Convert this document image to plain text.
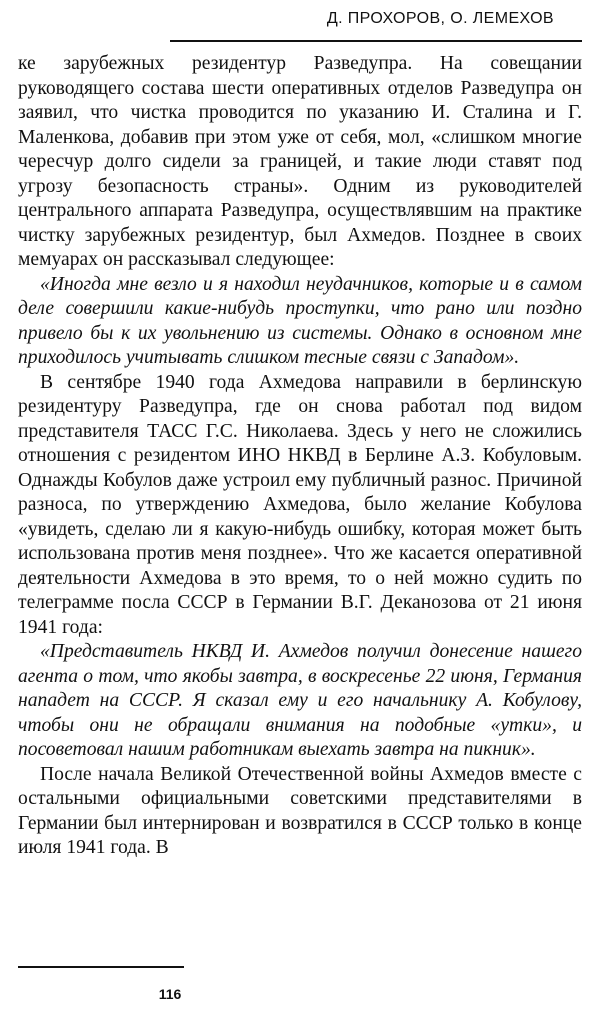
Д. ПРОХОРОВ, О. ЛЕМЕХОВ

ке зарубежных резидентур Разведупра. На совещании руководящего состава шести оперативных отделов Разведупра он заявил, что чистка проводится по указанию И. Сталина и Г. Маленкова, добавив при этом уже от себя, мол, «слишком многие чересчур долго сидели за границей, и такие люди ставят под угрозу безопасность страны». Одним из руководителей центрального аппарата Разведупра, осуществлявшим на практике чистку зарубежных резидентур, был Ахмедов. Позднее в своих мемуарах он рассказывал следующее:

«Иногда мне везло и я находил неудачников, которые и в самом деле совершили какие-нибудь проступки, что рано или поздно привело бы к их увольнению из системы. Однако в основном мне приходилось учитывать слишком тесные связи с Западом».

В сентябре 1940 года Ахмедова направили в берлинскую резидентуру Разведупра, где он снова работал под видом представителя ТАСС Г.С. Николаева. Здесь у него не сложились отношения с резидентом ИНО НКВД в Берлине А.З. Кобуловым. Однажды Кобулов даже устроил ему публичный разнос. Причиной разноса, по утверждению Ахмедова, было желание Кобулова «увидеть, сделаю ли я какую-нибудь ошибку, которая может быть использована против меня позднее». Что же касается оперативной деятельности Ахмедова в это время, то о ней можно судить по телеграмме посла СССР в Германии В.Г. Деканозова от 21 июня 1941 года:

«Представитель НКВД И. Ахмедов получил донесение нашего агента о том, что якобы завтра, в воскресенье 22 июня, Германия нападет на СССР. Я сказал ему и его начальнику А. Кобулову, чтобы они не обращали внимания на подобные «утки», и посоветовал нашим работникам выехать завтра на пикник».

После начала Великой Отечественной войны Ахмедов вместе с остальными официальными советскими представителями в Германии был интернирован и возвратился в СССР только в конце июля 1941 года. В

116
